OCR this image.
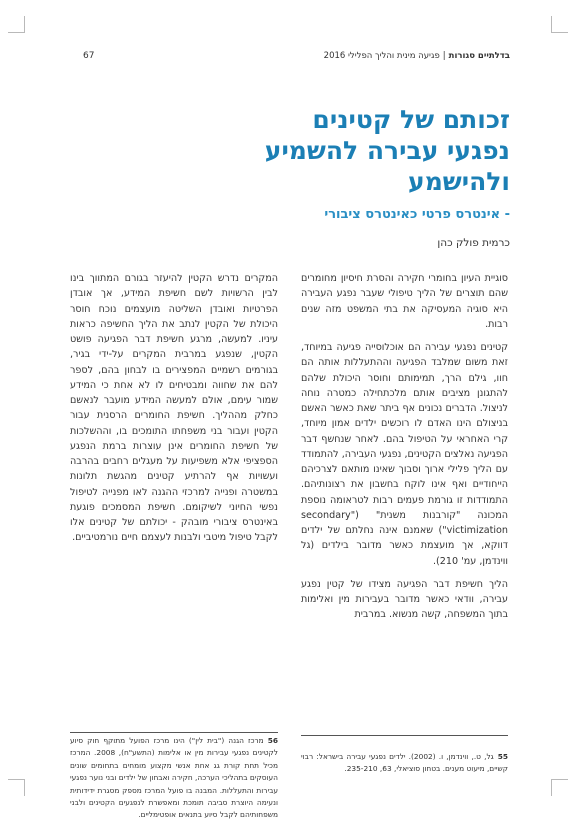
בדלתיים סגורות|פגיעה מינית והליך הפלילי 2016
67
זכותם של קטינים
נפגעי עבירה להשמיע
ולהישמע
- אינטרס פרטי כאינטרס ציבורי
כרמית פולק כהן

סוגיית העיון בחומרי חקירה והסרת חיסיון מחומרים שהם תוצרים של הליך טיפולי שעבר נפגע העבירה היא סוגיה המעסיקה את בתי המשפט מזה שנים רבות.

קטינים נפגעי עבירה הם אוכלוסייה פגיעה במיוחד, זאת משום שמלבד הפגיעה וההתעללות אותה הם חוו, גילם הרך, תמימותם וחוסר היכולת שלהם להתגונן מציבים אותם מלכתחילה כמטרה נוחה לניצול. הדברים נכונים אף ביתר שאת כאשר האשם בניצולם הינו האדם לו רוכשים ילדים אמון מיוחד, קרי האחראי על הטיפול בהם. לאחר שנחשף דבר הפגיעה נאלצים הקטינים, נפגעי העבירה, להתמודד עם הליך פלילי ארוך וסבוך שאינו מותאם לצרכיהם הייחודיים ואף אינו לוקח בחשבון את רצונותיהם. התמודדות זו גורמת פעמים רבות לטראומה נוספת המכונה "קורבנות משנית" ("secondary victimization") שאמנם אינה נחלתם של ילדים דווקא, אך מועצמת כאשר מדובר בילדים (גל ווינדמן, עמ' 210).

הליך חשיפת דבר הפגיעה מצידו של קטין נפגע עבירה, וודאי כאשר מדובר בעבירות מין ואלימות בתוך המשפחה, קשה מנשוא. במרבית

המקרים נדרש הקטין להיעזר בגורם המתווך בינו לבין הרשויות לשם חשיפת המידע, אך אובדן הפרטיות ואובדן השליטה מועצמים נוכח חוסר היכולת של הקטין לנתב את הליך החשיפה כראות עיניו. למעשה, מרגע חשיפת דבר הפגיעה פושט הקטין, שנפגע במרבית המקרים על-ידי בגיר, בגורמים רשמיים המפצירים בו לבחון בהם, לספר להם את שחווה ומבטיחים לו לא אחת כי המידע שמור עימם, אולם למעשה המידע מועבר לנאשם כחלק מההליך. חשיפת החומרים הרסנית עבור הקטין ועבור בני משפחתו התומכים בו, וההשלכות של חשיפת החומרים אינן עוצרות ברמת הנפגע הספציפי אלא משפיעות על מעגלים רחבים בהרבה ועשויות אף להרתיע קטינים מהגשת תלונות במשטרה ופנייה למרכזי ההגנה לאו מפנייה לטיפול נפשי החיוני לשיקומם. חשיפת המסמכים פוגעת באינטרס ציבורי מובהק - יכולתם של קטינים אלו לקבל טיפול מיטבי ולבנות לעצמם חיים נורמטיביים.

56מרכז הגנה ("בית לין") הינו מרכז הפועל מתוקף חוק סיוע לקטינים נפגעי עבירות מין או אלימות (התשע"ח), 2008. המרכז מכיל תחת קורת גג אחת אנשי מקצוע מומחים בתחומים שונים העוסקים בתהליכי הערכה, חקירה ואבחון של ילדים ובני נוער נפגעי עבירות והתעללות. המבנה בו פועל המרכז מספק מסגרת ידידותית ונעימה היוצרת סביבה תומכת ומאפשרת לנפגעים הקטינים ולבני משפחותיהם לקבל סיוע בתנאים אופטימליים.
55גל, ט., ווינדמן, ו. (2002). ילדים נפגעי עבירה בישראל: רבוי קשיים, מיעוט מענים. בטחון סוציאלי, 63, 235-210.
